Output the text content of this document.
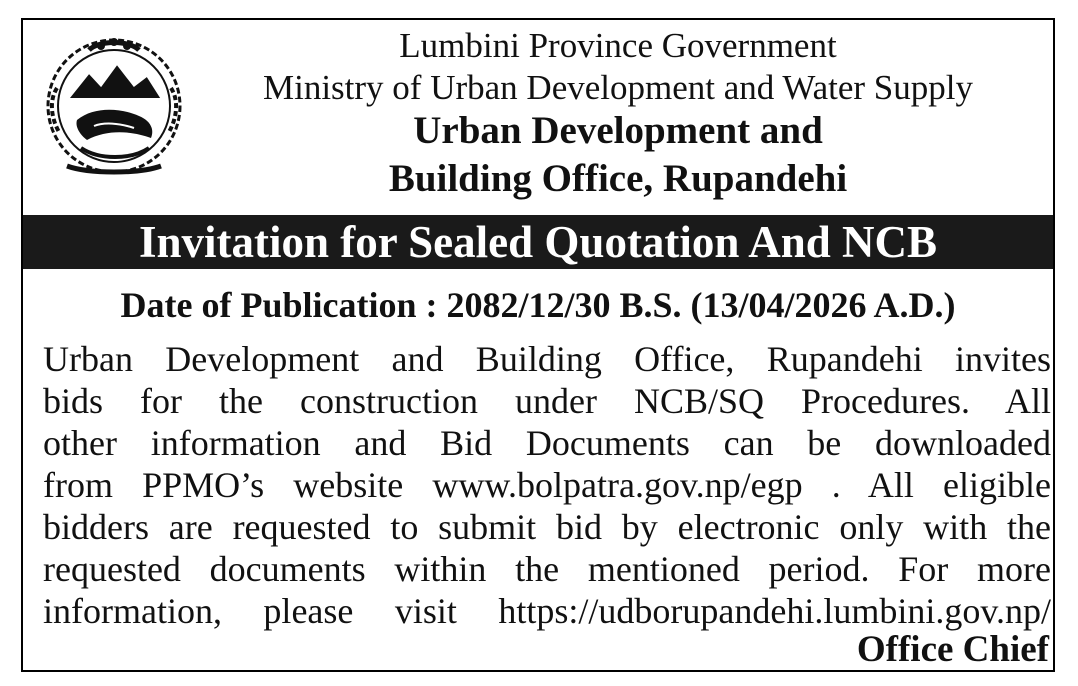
Lumbini Province Government
Ministry of Urban Development and Water Supply
Urban Development and
Building Office, Rupandehi
Invitation for Sealed Quotation And NCB
Date of Publication : 2082/12/30 B.S. (13/04/2026 A.D.)
Urban Development and Building Office, Rupandehi invites
bids for the construction under NCB/SQ Procedures. All
other information and Bid Documents can be downloaded
from PPMO’s website www.bolpatra.gov.np/egp . All eligible
bidders are requested to submit bid by electronic only with the
requested documents within the mentioned period. For more
information, please visit https://udborupandehi.lumbini.gov.np/
Office Chief
